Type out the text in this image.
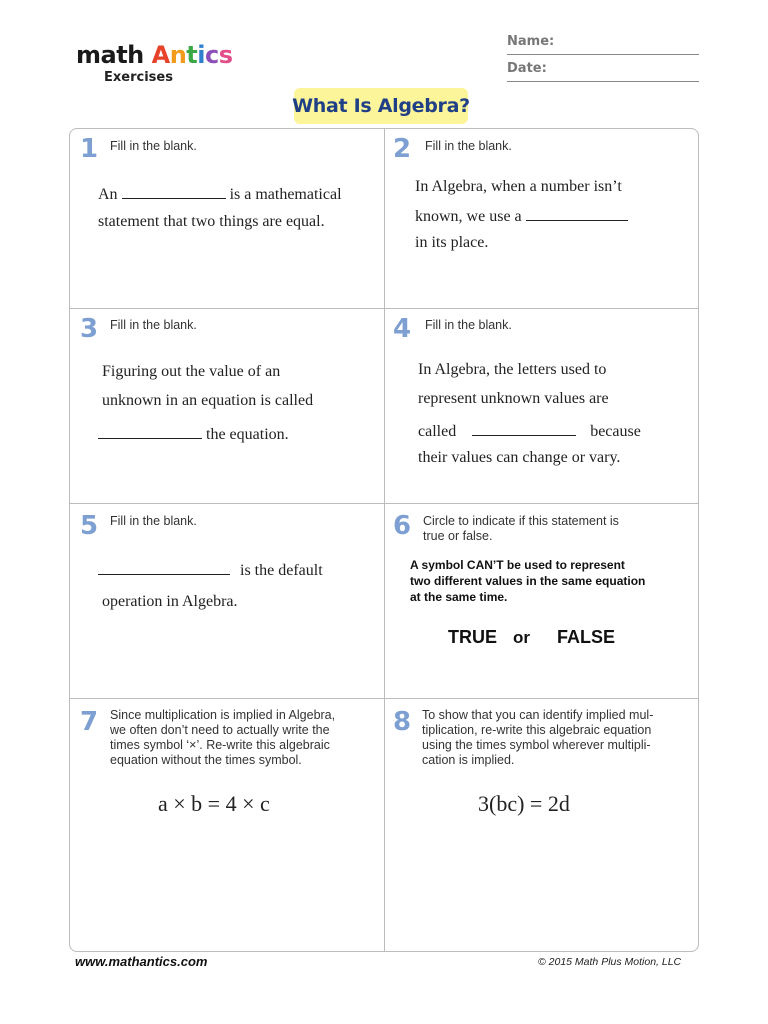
math Antics
Exercises
Name:
Date:
What Is Algebra?
1 Fill in the blank.
An	is a mathematical
statement that two things are equal.
2 Fill in the blank.
In Algebra, when a number isn’t
known, we use a
in its place.
3 Fill in the blank.
Figuring out the value of an
unknown in an equation is called
the equation.
4 Fill in the blank.
In Algebra, the letters used to
represent unknown values are
called	because
their values can change or vary.
5 Fill in the blank.
is the default
operation in Algebra.
6 Circle to indicate if this statement is
true or false.
A symbol CAN’T be used to represent
two different values in the same equation
at the same time.
TRUE or FALSE
7 Since multiplication is implied in Algebra,
we often don’t need to actually write the
times symbol ‘×’. Re-write this algebraic
equation without the times symbol.
a × b = 4 × c
8 To show that you can identify implied mul-
tiplication, re-write this algebraic equation
using the times symbol wherever multipli-
cation is implied.
3(bc) = 2d
www.mathantics.com	© 2015 Math Plus Motion, LLC
